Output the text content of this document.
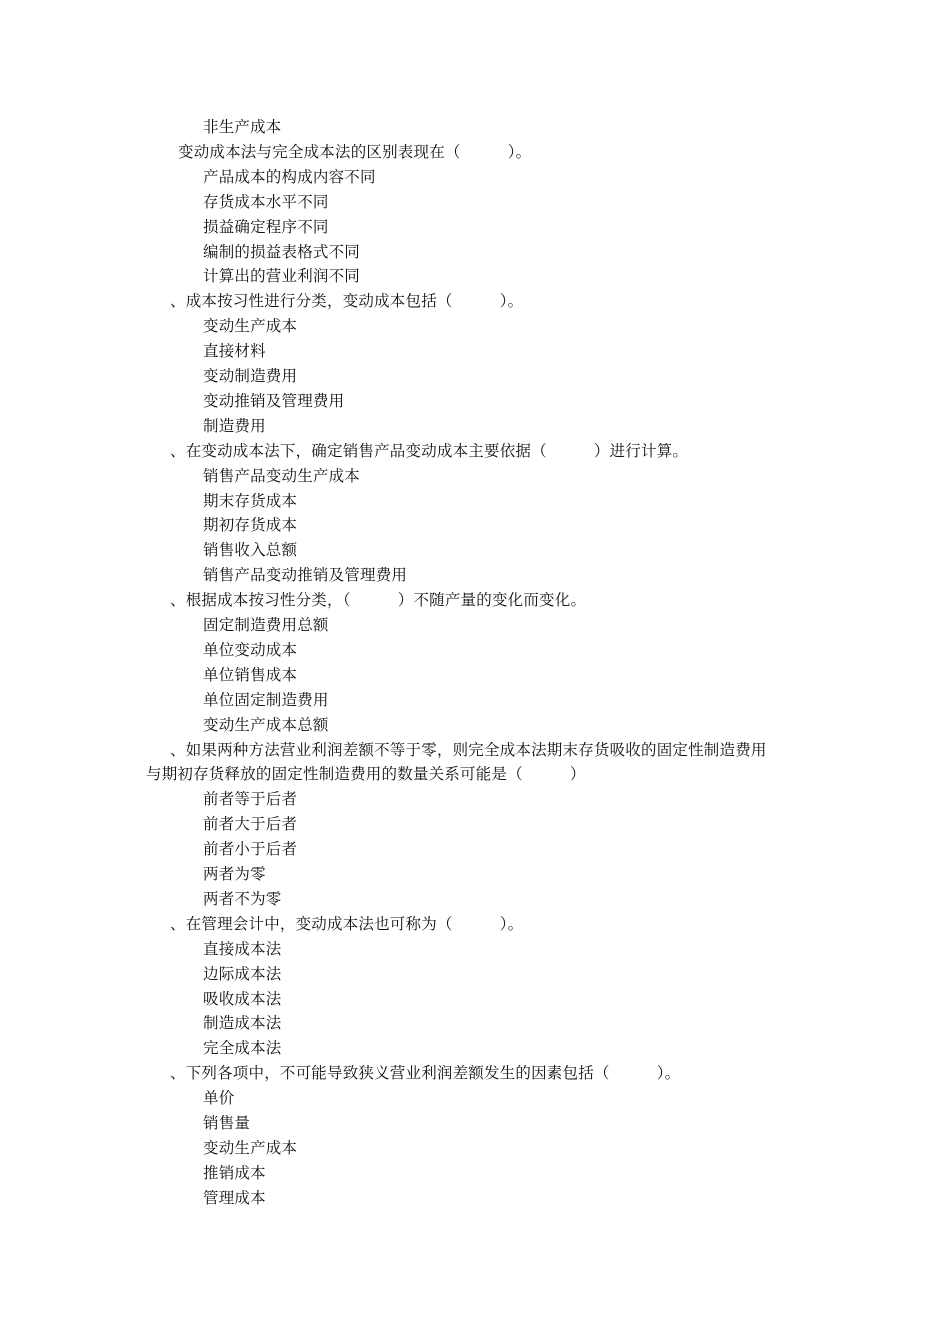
非生产成本
变动成本法与完全成本法的区别表现在（　　　）。
产品成本的构成内容不同
存货成本水平不同
损益确定程序不同
编制的损益表格式不同
计算出的营业利润不同
、成本按习性进行分类，变动成本包括（　　　）。
变动生产成本
直接材料
变动制造费用
变动推销及管理费用
制造费用
、在变动成本法下，确定销售产品变动成本主要依据（　　　）进行计算。
销售产品变动生产成本
期末存货成本
期初存货成本
销售收入总额
销售产品变动推销及管理费用
、根据成本按习性分类，（　　　）不随产量的变化而变化。
固定制造费用总额
单位变动成本
单位销售成本
单位固定制造费用
变动生产成本总额
、如果两种方法营业利润差额不等于零，则完全成本法期末存货吸收的固定性制造费用
与期初存货释放的固定性制造费用的数量关系可能是（　　　）
前者等于后者
前者大于后者
前者小于后者
两者为零
两者不为零
、在管理会计中，变动成本法也可称为（　　　）。
直接成本法
边际成本法
吸收成本法
制造成本法
完全成本法
、下列各项中，不可能导致狭义营业利润差额发生的因素包括（　　　）。
单价
销售量
变动生产成本
推销成本
管理成本
